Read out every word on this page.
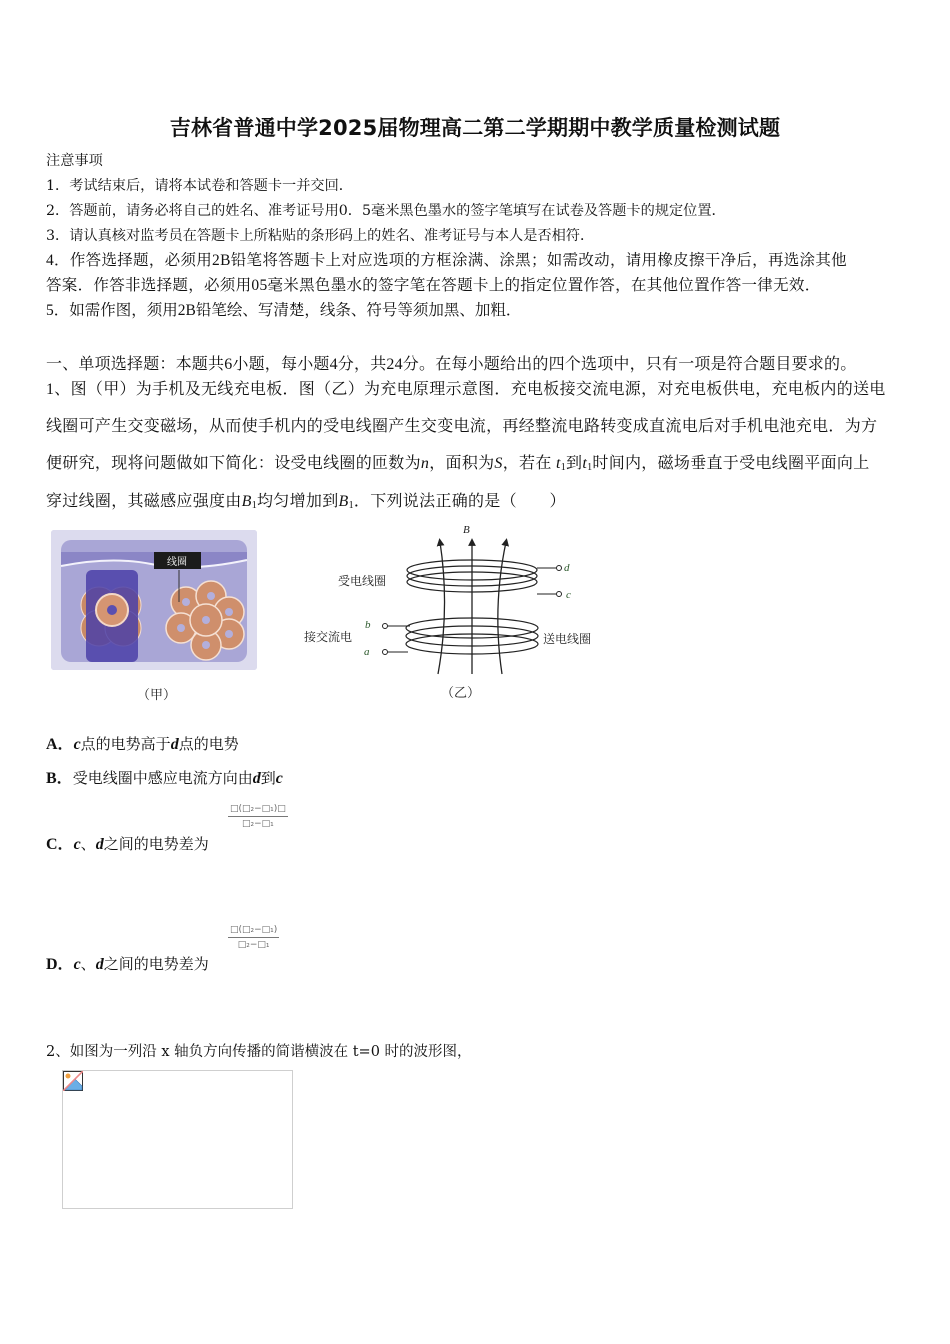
吉林省普通中学2025届物理高二第二学期期中教学质量检测试题
注意事项
1．考试结束后，请将本试卷和答题卡一并交回．
2．答题前，请务必将自己的姓名、准考证号用0．5毫米黑色墨水的签字笔填写在试卷及答题卡的规定位置．
3．请认真核对监考员在答题卡上所粘贴的条形码上的姓名、准考证号与本人是否相符．
4．作答选择题，必须用2B铅笔将答题卡上对应选项的方框涂满、涂黑；如需改动，请用橡皮擦干净后，再选涂其他
答案．作答非选择题，必须用05毫米黑色墨水的签字笔在答题卡上的指定位置作答，在其他位置作答一律无效．
5．如需作图，须用2B铅笔绘、写清楚，线条、符号等须加黑、加粗．
一、单项选择题：本题共6小题，每小题4分，共24分。在每小题给出的四个选项中，只有一项是符合题目要求的。
1、图（甲）为手机及无线充电板．图（乙）为充电原理示意图．充电板接交流电源，对充电板供电，充电板内的送电
线圈可产生交变磁场，从而使手机内的受电线圈产生交变电流，再经整流电路转变成直流电后对手机电池充电．为方
便研究，现将问题做如下简化：设受电线圈的匝数为n，面积为S，若在 $t_1$到$t_1$时间内，磁场垂直于受电线圈平面向上
穿过线圈，其磁感应强度由$B_1$均匀增加到$B_1$．下列说法正确的是（　　）
线圈
（甲）
B
d
c
受电线圈
b
a
接交流电	送电线圈
（乙）
A．c点的电势高于d点的电势
B．受电线圈中感应电流方向由d到c
C．c、d之间的电势差为
□(□₂−□₁)□
□₂−□₁
D．c、d之间的电势差为
□(□₂−□₁)
□₂−□₁
2、如图为一列沿 x 轴负方向传播的简谐横波在 t=0 时的波形图，
